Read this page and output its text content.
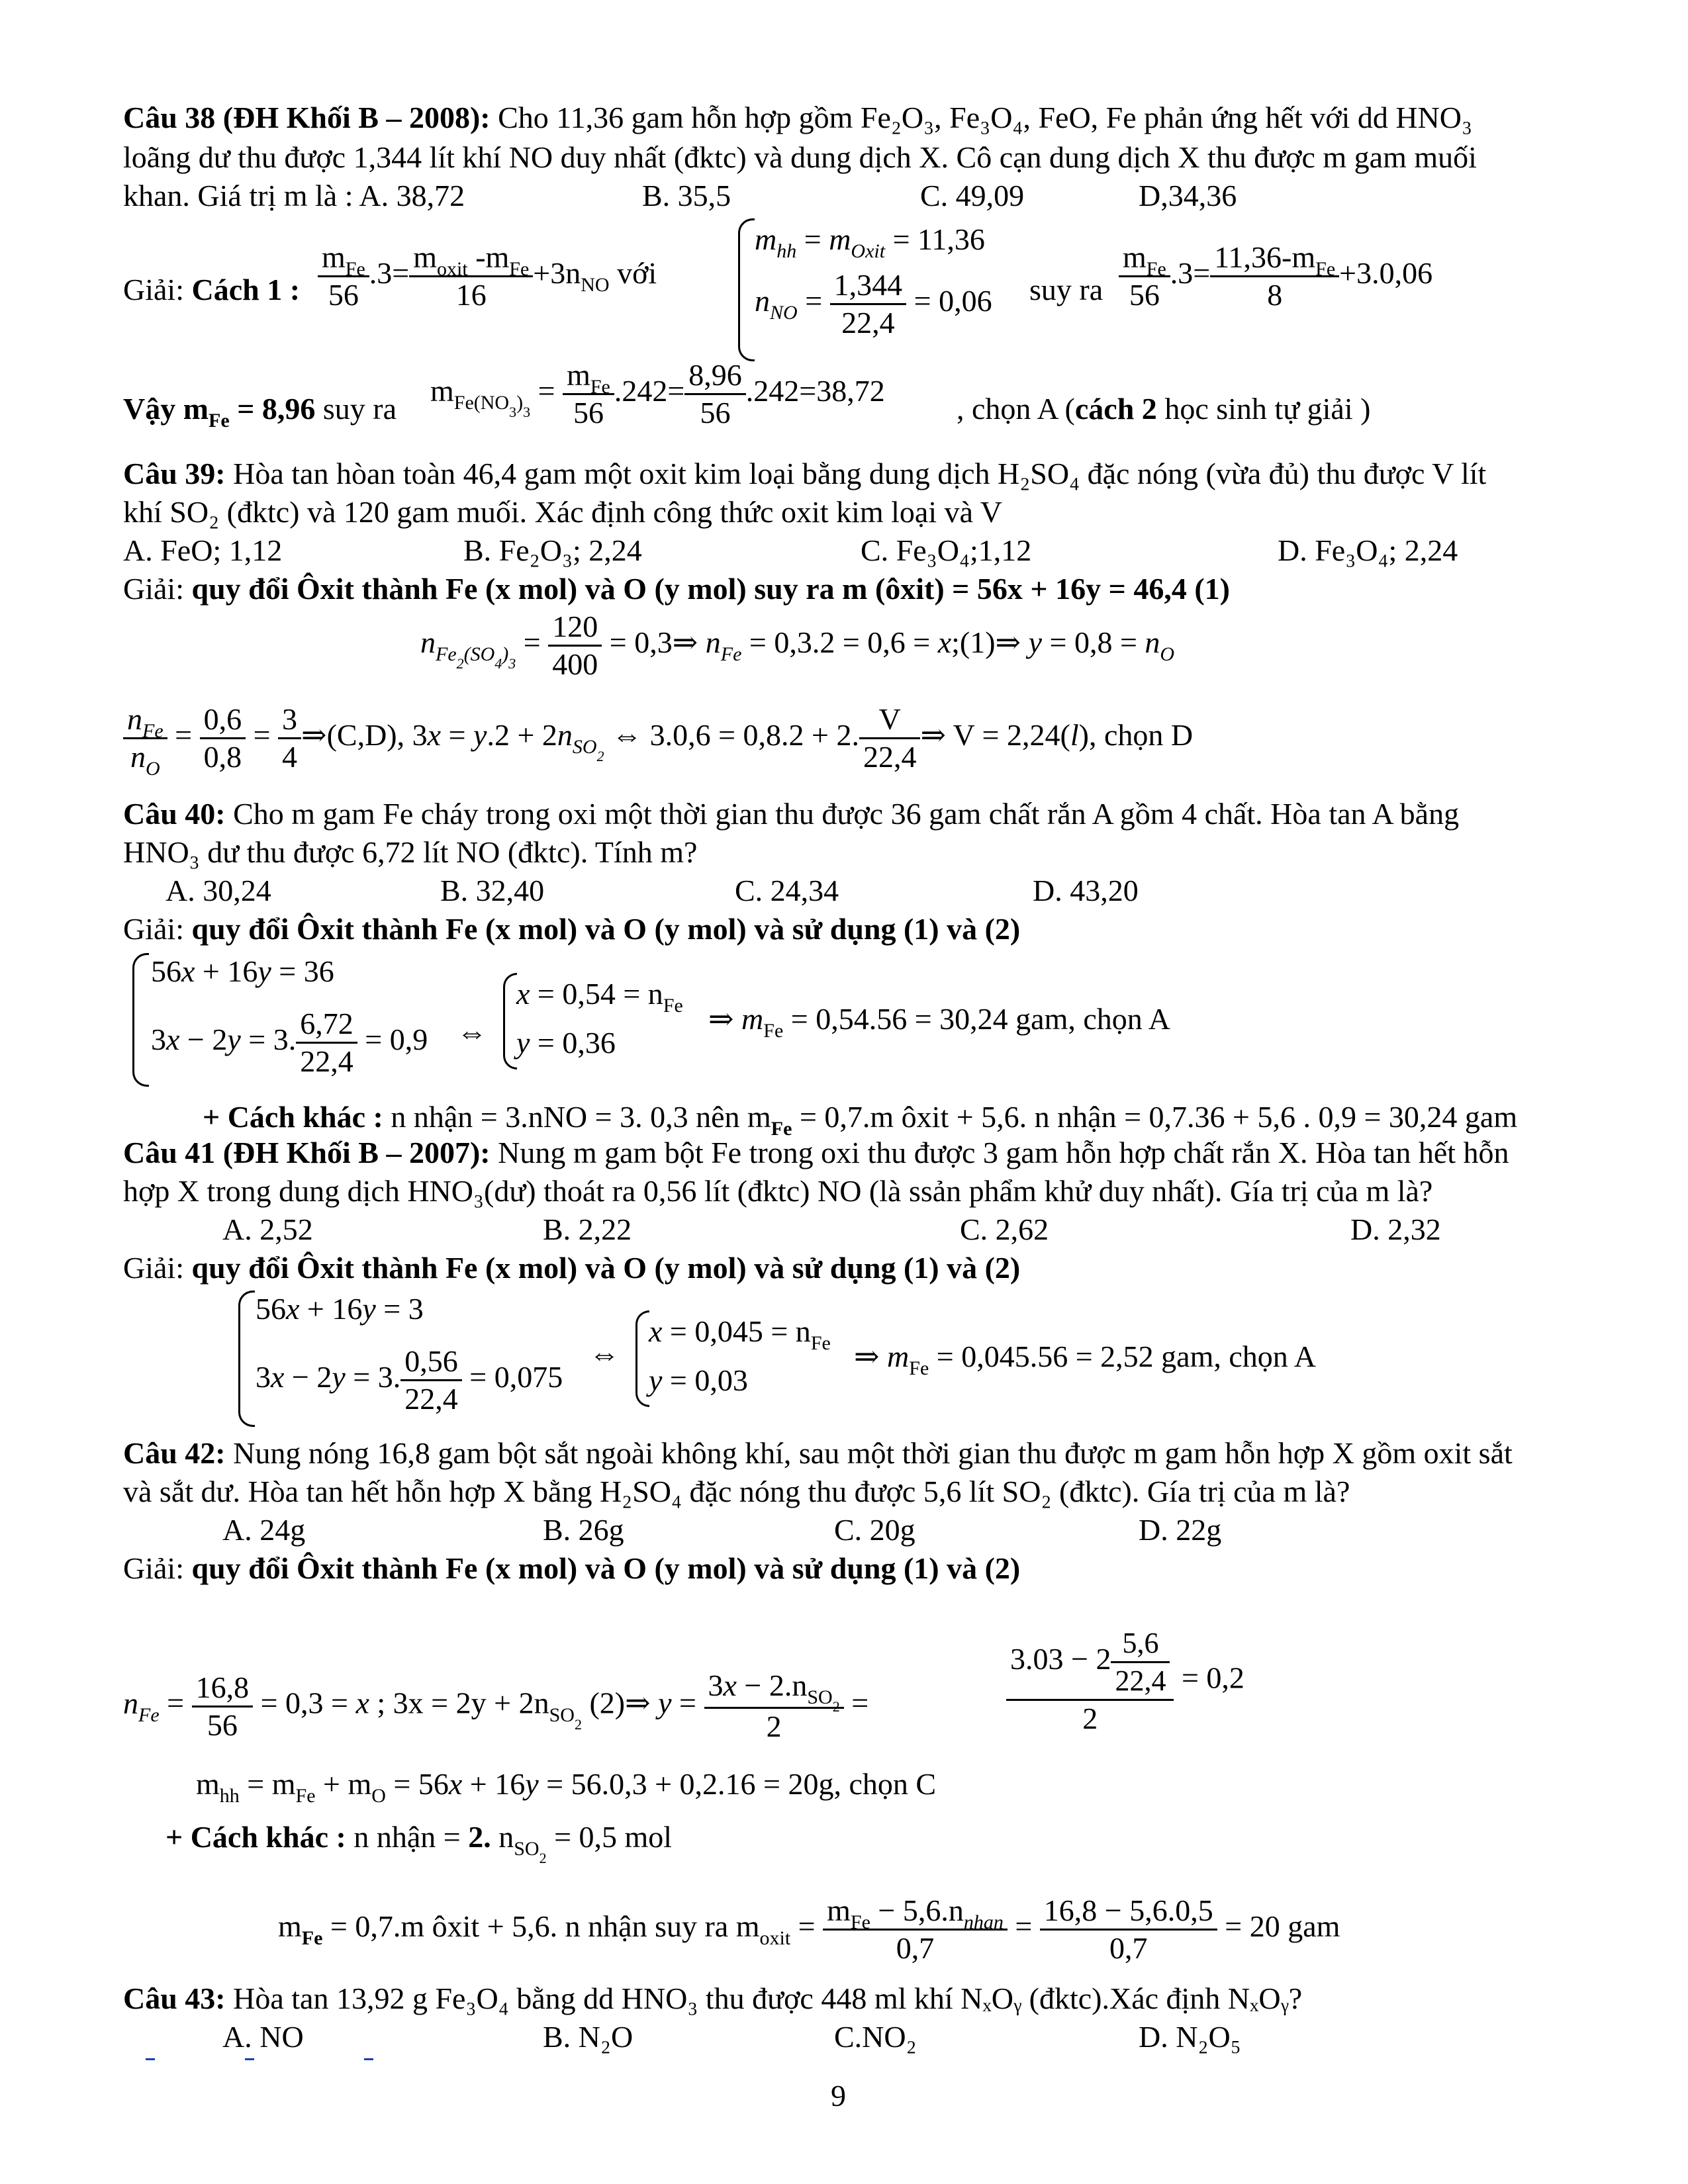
Câu 38 (ĐH Khối B – 2008): Cho 11,36 gam hỗn hợp gồm Fe₂O₃, Fe₃O₄, FeO, Fe phản ứng hết với dd HNO₃
loãng dư thu được 1,344 lít khí NO duy nhất (đktc) và dung dịch X. Cô cạn dung dịch X thu được m gam muối
khan. Giá trị m là : A. 38,72	B. 35,5	C. 49,09	D,34,36
Giải: Cách 1 : $\frac{m_{Fe}}{56} .3= \frac{m_{oxit} -m_{Fe}}{16} +3n_{NO}$ với
$m_{hh} = m_{Oxit} = 11,36$
$n_{NO} = \frac{1,344}{22,4} = 0,06$ suy ra $\frac{m_{Fe}}{56} .3= \frac{11,36-m_{Fe}}{8} +3.0,06$
Vậy $m_{Fe} = 8,96$ suy ra
$m_{Fe(NO_3)_3} = \frac{m_{Fe}}{56} .242= \frac{8,96}{56} .242=38,72$
, chọn A (cách 2 học sinh tự giải )
Câu 39: Hòa tan hòan toàn 46,4 gam một oxit kim loại bằng dung dịch H₂SO₄ đặc nóng (vừa đủ) thu được V lít
khí SO₂ (đktc) và 120 gam muối. Xác định công thức oxit kim loại và V
A. FeO; 1,12	B. Fe₂O₃; 2,24	C. Fe₃O₄;1,12	D. Fe₃O₄; 2,24
Giải: quy đổi Ôxit thành Fe (x mol) và O (y mol) suy ra m (ôxit) = 56x + 16y = 46,4 (1)
$n_{Fe_2(SO_4)_3} = \frac{120}{400}$ = 0,3⇒ $n_{Fe} = 0,3.2 = 0,6$ = x;(1)⇒ $y = 0,8 = n_O$
$\frac{n_{Fe}}{n_O} = \frac{0,6}{0,8} = \frac{3}{4}$ ⇒(C,D), $3x = y.2 + 2n_{SO_2}$ ⇔ 3.0,6 = 0,8.2 + 2. $\frac{V}{22,4}$ ⇒ V = 2,24(l), chọn D
Câu 40: Cho m gam Fe cháy trong oxi một thời gian thu được 36 gam chất rắn A gồm 4 chất. Hòa tan A bằng
HNO₃ dư thu được 6,72 lít NO (đktc). Tính m?
A. 30,24	B. 32,40	C. 24,34	D. 43,20
Giải: quy đổi Ôxit thành Fe (x mol) và O (y mol) và sử dụng (1) và (2)
56x + 16y = 36
3x − 2y = 3. $\frac{6,72}{22,4} = 0,9$ ⇔
$x = 0,54 = n_{Fe}$
y = 0,36
⇒ $m_{Fe} = 0,54.56 = 30,24$ gam, chọn A
+ Cách khác : n nhận = 3.nNO = 3. 0,3 nên $m_{Fe} = 0,7.m$ ôxit + 5,6. n nhận = 0,7.36 + 5,6 . 0,9 = 30,24 gam
Câu 41 (ĐH Khối B – 2007): Nung m gam bột Fe trong oxi thu được 3 gam hỗn hợp chất rắn X. Hòa tan hết hỗn
hợp X trong dung dịch HNO₃(dư) thoát ra 0,56 lít (đktc) NO (là ssản phẩm khử duy nhất). Gía trị của m là?
A. 2,52	B. 2,22	C. 2,62	D. 2,32
Giải: quy đổi Ôxit thành Fe (x mol) và O (y mol) và sử dụng (1) và (2)
56x + 16y = 3
3x − 2y = 3. $\frac{0,56}{22,4} = 0,075$
⇔
$x = 0,045 = n_{Fe}$
y = 0,03
⇒ $m_{Fe} = 0,045.56 = 2,52$ gam, chọn A
Câu 42: Nung nóng 16,8 gam bột sắt ngoài không khí, sau một thời gian thu được m gam hỗn hợp X gồm oxit sắt
và sắt dư. Hòa tan hết hỗn hợp X bằng H₂SO₄ đặc nóng thu được 5,6 lít SO₂ (đktc). Gía trị của m là?
A. 24g	B. 26g	C. 20g	D. 22g
Giải: quy đổi Ôxit thành Fe (x mol) và O (y mol) và sử dụng (1) và (2)
$n_{Fe} = \frac{16,8}{56} = 0,3 = x$ ; $3x = 2y + 2n_{SO_2}$ (2)⇒ $y = \frac{3x - 2.n_{SO_2}}{2}$ =	$\frac{3.03 - 2 \frac{5,6}{22,4}}{2} = 0,2$
$m_{hh} = m_{Fe} + m_O = 56x + 16y = 56.0,3 + 0,2.16 = 20g$, chọn C
+ Cách khác : n nhận = 2. $n_{SO_2} = 0,5$ mol
$m_{Fe} = 0,7.m$ ôxit + 5,6. n nhận suy ra $m_{oxit} = \frac{m_{Fe} - 5,6.n_{nhan}}{0,7} = \frac{16,8 - 5,6.0,5}{0,7} = 20$ gam
Câu 43: Hòa tan 13,92 g Fe₃O₄ bằng dd HNO₃ thu được 448 ml khí NₓOᵧ (đktc).Xác định NₓOᵧ?
A. NO	B. N₂O	C.NO₂	D. N₂O₅
9
